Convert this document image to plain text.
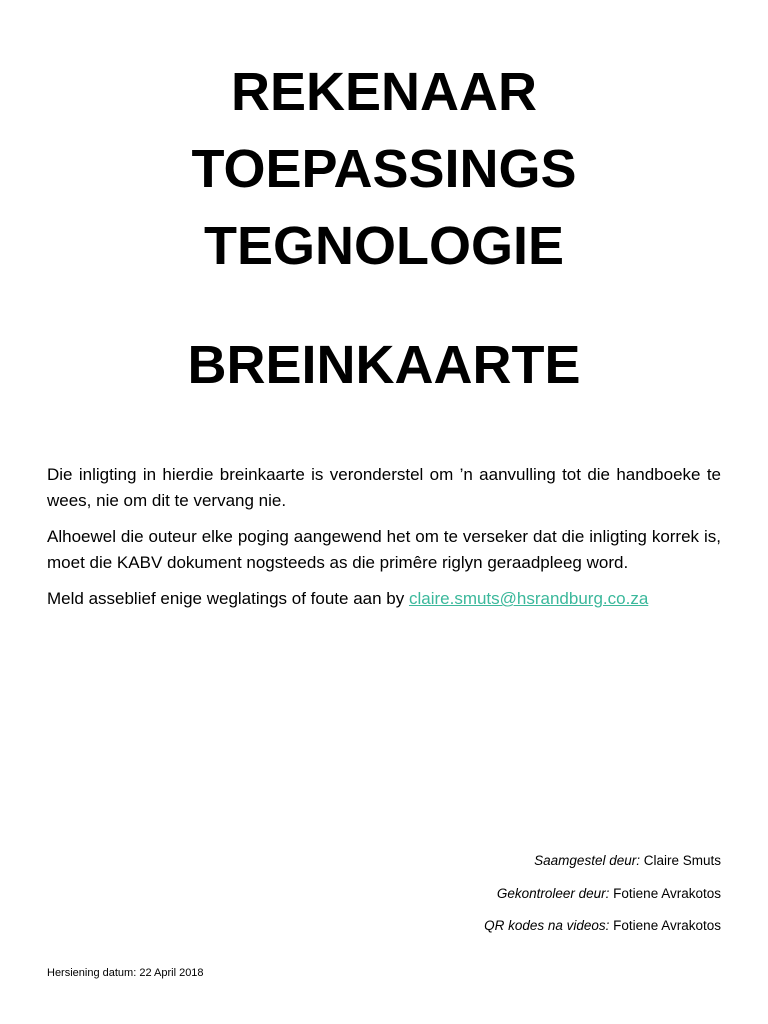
REKENAAR
TOEPASSINGS
TEGNOLOGIE
BREINKAARTE

Die inligting in hierdie breinkaarte is veronderstel om ’n aanvulling tot die handboeke te wees, nie om dit te vervang nie.

Alhoewel die outeur elke poging aangewend het om te verseker dat die inligting korrek is, moet die KABV dokument nogsteeds as die primêre riglyn geraadpleeg word.

Meld asseblief enige weglatings of foute aan by claire.smuts@hsrandburg.co.za

Saamgestel deur: Claire Smuts
Gekontroleer deur: Fotiene Avrakotos
QR kodes na videos: Fotiene Avrakotos
Hersiening datum: 22 April 2018
